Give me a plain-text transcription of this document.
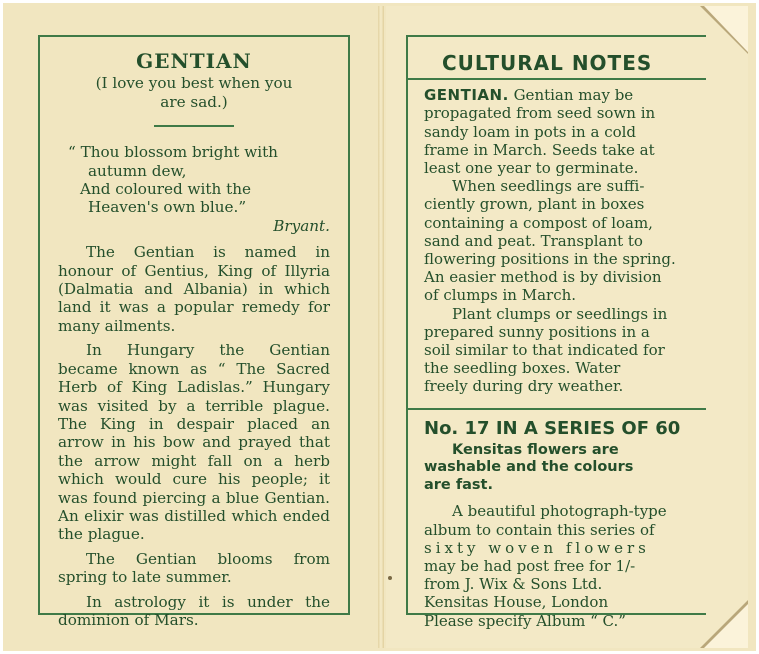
GENTIAN
(I love you best when you
are sad.)
“ Thou blossom bright with
autumn dew,
And coloured with the
Heaven's own blue.”
Bryant.

The Gentian is named in honour of Gentius, King of Illyria (Dalmatia and Albania) in which land it was a popular remedy for many ailments.

In Hungary the Gentian became known as “ The Sacred Herb of King Ladislas.” Hungary was visited by a terrible plague. The King in despair placed an arrow in his bow and prayed that the arrow might fall on a herb which would cure his people; it was found piercing a blue Gentian. An elixir was distilled which ended the plague.

The Gentian blooms from spring to late summer.

In astrology it is under the dominion of Mars.

CULTURAL NOTES
GENTIAN. Gentian may be
propagated from seed sown in
sandy loam in pots in a cold
frame in March. Seeds take at
least one year to germinate.
When seedlings are suffi-
ciently grown, plant in boxes
containing a compost of loam,
sand and peat. Transplant to
flowering positions in the spring.
An easier method is by division
of clumps in March.
Plant clumps or seedlings in
prepared sunny positions in a
soil similar to that indicated for
the seedling boxes. Water
freely during dry weather.
No. 17 IN A SERIES OF 60
Kensitas flowers are
washable and the colours
are fast.
A beautiful photograph-type
album to contain this series of
sixty woven flowers
may be had post free for 1/-
from J. Wix & Sons Ltd.
Kensitas House, London
Please specify Album “ C.”
